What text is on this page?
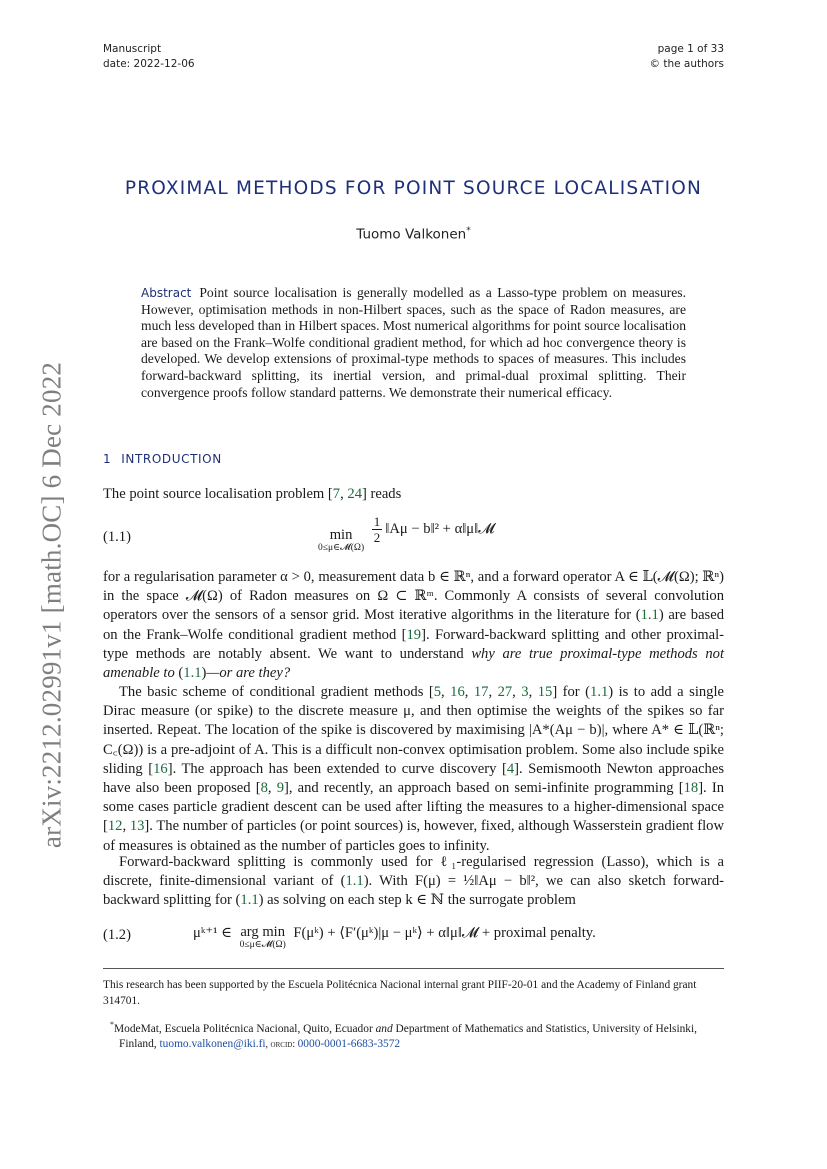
Manuscript
date: 2022-12-06
page 1 of 33
© the authors
arXiv:2212.02991v1 [math.OC] 6 Dec 2022
PROXIMAL METHODS FOR POINT SOURCE LOCALISATION
Tuomo Valkonen*
Abstract Point source localisation is generally modelled as a Lasso-type problem on measures. However, optimisation methods in non-Hilbert spaces, such as the space of Radon measures, are much less developed than in Hilbert spaces. Most numerical algorithms for point source localisation are based on the Frank–Wolfe conditional gradient method, for which ad hoc convergence theory is developed. We develop extensions of proximal-type methods to spaces of measures. This includes forward-backward splitting, its inertial version, and primal-dual proximal splitting. Their convergence proofs follow standard patterns. We demonstrate their numerical efficacy.
1 INTRODUCTION
The point source localisation problem [7, 24] reads
(1.1)	min
0≤μ∈𝓜(Ω)

$\frac{1}{2}$ ‖Aμ − b‖² + α‖μ‖𝓜
for a regularisation parameter α > 0, measurement data b ∈ ℝⁿ, and a forward operator A ∈ 𝕃(𝓜(Ω); ℝⁿ) in the space 𝓜(Ω) of Radon measures on Ω ⊂ ℝᵐ. Commonly A consists of several convolution operators over the sensors of a sensor grid. Most iterative algorithms in the literature for (1.1) are based on the Frank–Wolfe conditional gradient method [19]. Forward-backward splitting and other proximal-type methods are notably absent. We want to understand why are true proximal-type methods not amenable to (1.1)—or are they?
The basic scheme of conditional gradient methods [5, 16, 17, 27, 3, 15] for (1.1) is to add a single Dirac measure (or spike) to the discrete measure μ, and then optimise the weights of the spikes so far inserted. Repeat. The location of the spike is discovered by maximising |A*(Aμ − b)|, where A* ∈ 𝕃(ℝⁿ; C꜀(Ω)) is a pre-adjoint of A. This is a difficult non-convex optimisation problem. Some also include spike sliding [16]. The approach has been extended to curve discovery [4]. Semismooth Newton approaches have also been proposed [8, 9], and recently, an approach based on semi-infinite programming [18]. In some cases particle gradient descent can be used after lifting the measures to a higher-dimensional space [12, 13]. The number of particles (or point sources) is, however, fixed, although Wasserstein gradient flow of measures is obtained as the number of particles goes to infinity.
Forward-backward splitting is commonly used for ℓ₁-regularised regression (Lasso), which is a discrete, finite-dimensional variant of (1.1). With F(μ) = ½‖Aμ − b‖², we can also sketch forward-backward splitting for (1.1) as solving on each step k ∈ ℕ the surrogate problem
(1.2)	μᵏ⁺¹ ∈ arg min
0≤μ∈𝓜(Ω)
F(μᵏ) + ⟨F′(μᵏ)|μ − μᵏ⟩ + α‖μ‖𝓜 + proximal penalty.
This research has been supported by the Escuela Politécnica Nacional internal grant PIIF-20-01 and the Academy of Finland grant 314701.
*ModeMat, Escuela Politécnica Nacional, Quito, Ecuador and Department of Mathematics and Statistics, University of Helsinki, Finland, tuomo.valkonen@iki.fi, orcid: 0000-0001-6683-3572
